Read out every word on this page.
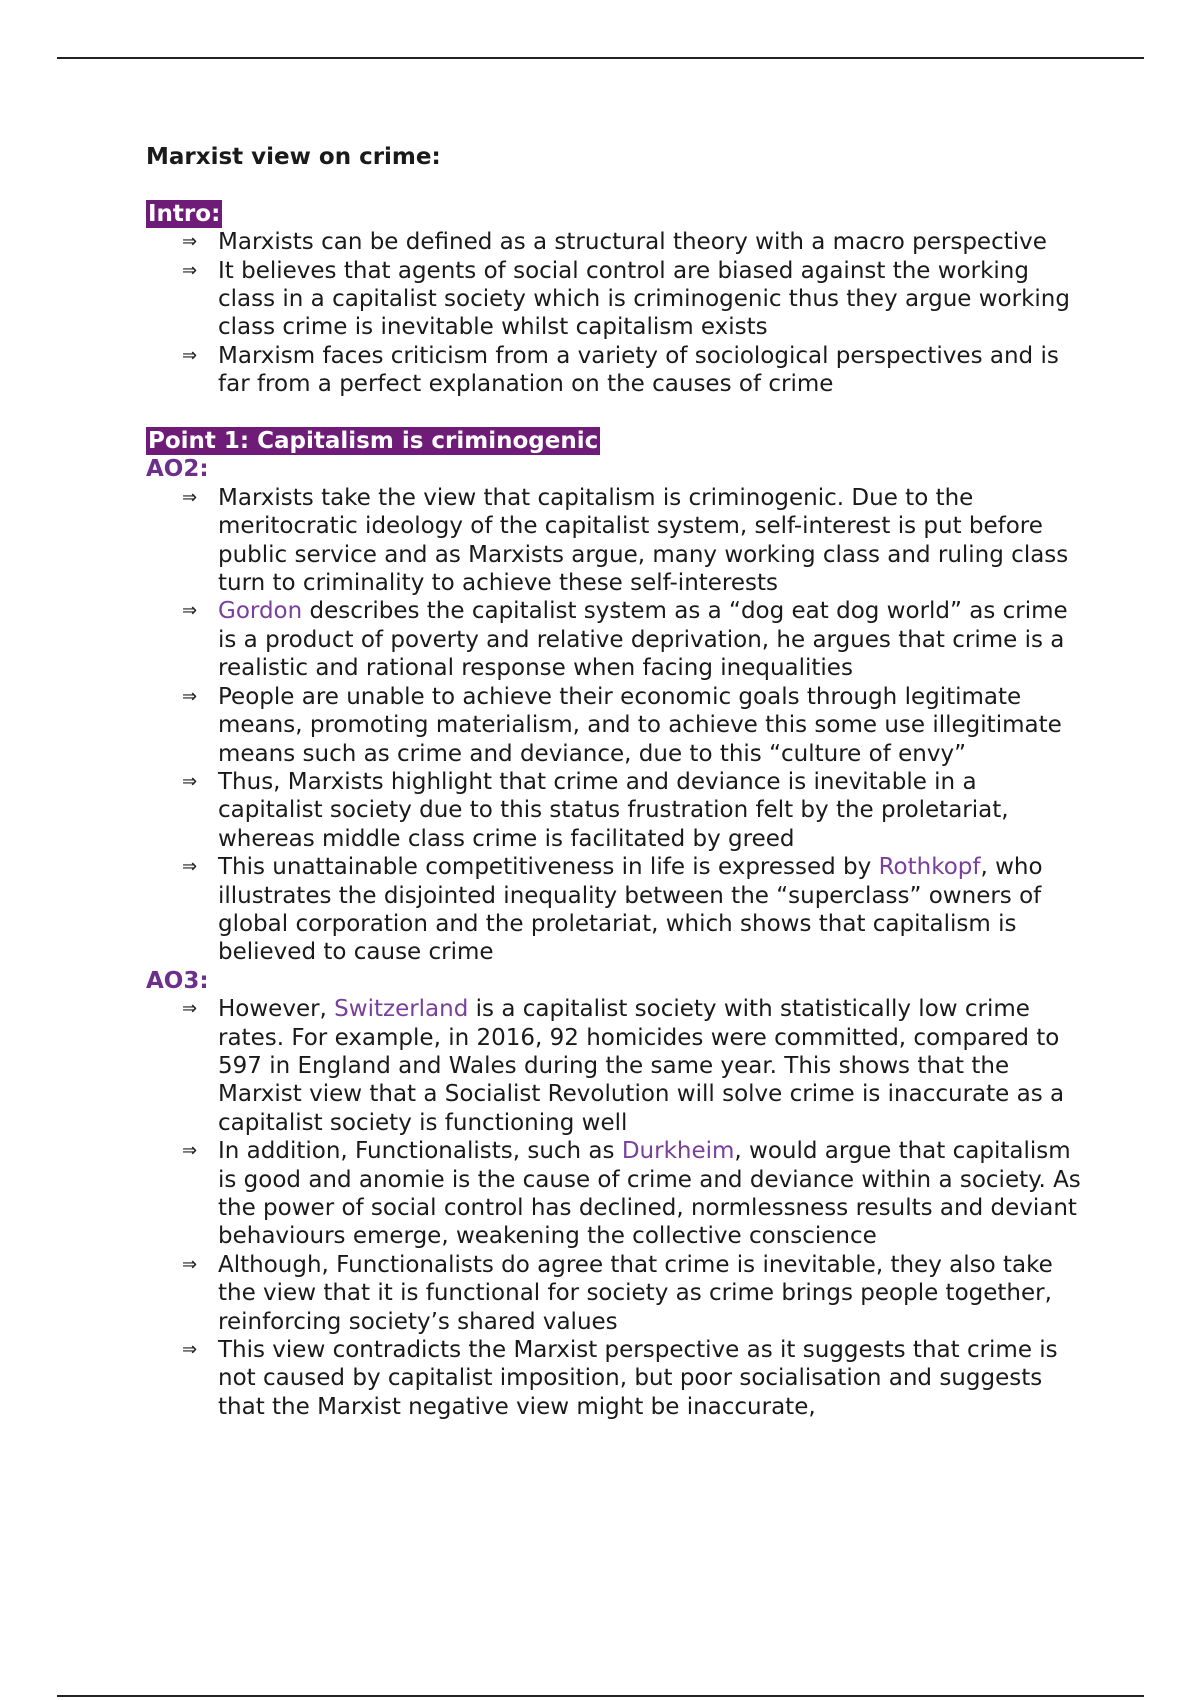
Marxist view on crime:

Intro:
⇒ Marxists can be defined as a structural theory with a macro perspective
⇒ It believes that agents of social control are biased against the working class in a capitalist society which is criminogenic thus they argue working class crime is inevitable whilst capitalism exists
⇒ Marxism faces criticism from a variety of sociological perspectives and is far from a perfect explanation on the causes of crime
Point 1: Capitalism is criminogenic
AO2:
⇒ Marxists take the view that capitalism is criminogenic. Due to the meritocratic ideology of the capitalist system, self-interest is put before public service and as Marxists argue, many working class and ruling class turn to criminality to achieve these self-interests
⇒ Gordon describes the capitalist system as a “dog eat dog world” as crime is a product of poverty and relative deprivation, he argues that crime is a realistic and rational response when facing inequalities
⇒ People are unable to achieve their economic goals through legitimate means, promoting materialism, and to achieve this some use illegitimate means such as crime and deviance, due to this “culture of envy”
⇒ Thus, Marxists highlight that crime and deviance is inevitable in a capitalist society due to this status frustration felt by the proletariat, whereas middle class crime is facilitated by greed
⇒ This unattainable competitiveness in life is expressed by Rothkopf, who illustrates the disjointed inequality between the “superclass” owners of global corporation and the proletariat, which shows that capitalism is believed to cause crime
AO3:
⇒ However, Switzerland is a capitalist society with statistically low crime rates. For example, in 2016, 92 homicides were committed, compared to 597 in England and Wales during the same year. This shows that the Marxist view that a Socialist Revolution will solve crime is inaccurate as a capitalist society is functioning well
⇒ In addition, Functionalists, such as Durkheim, would argue that capitalism is good and anomie is the cause of crime and deviance within a society. As the power of social control has declined, normlessness results and deviant behaviours emerge, weakening the collective conscience
⇒ Although, Functionalists do agree that crime is inevitable, they also take the view that it is functional for society as crime brings people together, reinforcing society’s shared values
⇒ This view contradicts the Marxist perspective as it suggests that crime is not caused by capitalist imposition, but poor socialisation and suggests that the Marxist negative view might be inaccurate,
